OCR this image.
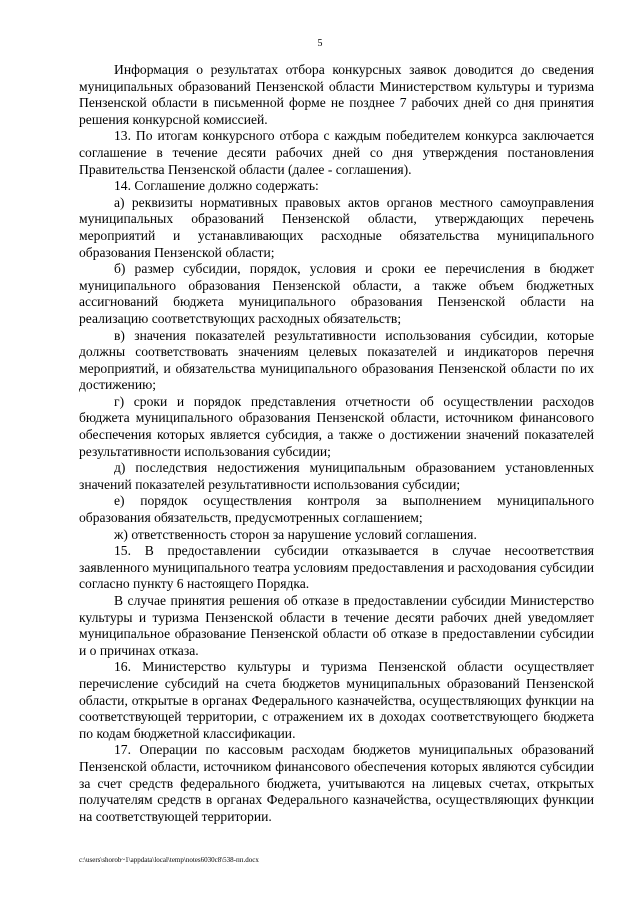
5

Информация о результатах отбора конкурсных заявок доводится до сведения муниципальных образований Пензенской области Министерством культуры и туризма Пензенской области в письменной форме не позднее 7 рабочих дней со дня принятия решения конкурсной комиссией.

13. По итогам конкурсного отбора с каждым победителем конкурса заключается соглашение в течение десяти рабочих дней со дня утверждения постановления Правительства Пензенской области (далее - соглашения).

14. Соглашение должно содержать:

а) реквизиты нормативных правовых актов органов местного самоуправления муниципальных образований Пензенской области, утверждающих перечень мероприятий и устанавливающих расходные обязательства муниципального образования Пензенской области;

б) размер субсидии, порядок, условия и сроки ее перечисления в бюджет муниципального образования Пензенской области, а также объем бюджетных ассигнований бюджета муниципального образования Пензенской области на реализацию соответствующих расходных обязательств;

в) значения показателей результативности использования субсидии, которые должны соответствовать значениям целевых показателей и индикаторов перечня мероприятий, и обязательства муниципального образования Пензенской области по их достижению;

г) сроки и порядок представления отчетности об осуществлении расходов бюджета муниципального образования Пензенской области, источником финансового обеспечения которых является субсидия, а также о достижении значений показателей результативности использования субсидии;

д) последствия недостижения муниципальным образованием установленных значений показателей результативности использования субсидии;

е) порядок осуществления контроля за выполнением муниципального образования обязательств, предусмотренных соглашением;

ж) ответственность сторон за нарушение условий соглашения.

15. В предоставлении субсидии отказывается в случае несоответствия заявленного муниципального театра условиям предоставления и расходования субсидии согласно пункту 6 настоящего Порядка.

В случае принятия решения об отказе в предоставлении субсидии Министерство культуры и туризма Пензенской области в течение десяти рабочих дней уведомляет муниципальное образование Пензенской области об отказе в предоставлении субсидии и о причинах отказа.

16. Министерство культуры и туризма Пензенской области осуществляет перечисление субсидий на счета бюджетов муниципальных образований Пензенской области, открытые в органах Федерального казначейства, осуществляющих функции на соответствующей территории, с отражением их в доходах соответствующего бюджета по кодам бюджетной классификации.

17. Операции по кассовым расходам бюджетов муниципальных образований Пензенской области, источником финансового обеспечения которых являются субсидии за счет средств федерального бюджета, учитываются на лицевых счетах, открытых получателям средств в органах Федерального казначейства, осуществляющих функции на соответствующей территории.

c:\users\shorob~1\appdata\local\temp\notes6030c8\538-пп.docx
